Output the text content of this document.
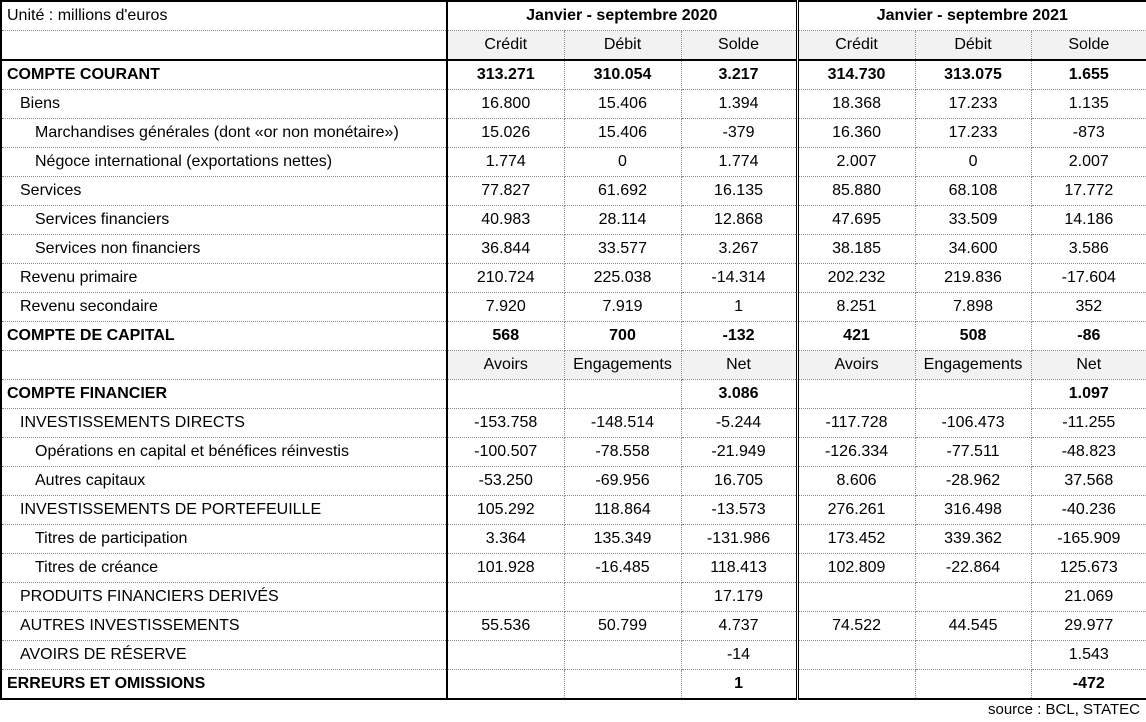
Unité : millions d'euros	Janvier - septembre 2020			Janvier - septembre 2021		
	Crédit	Débit	Solde	Crédit	Débit	Solde
COMPTE COURANT	313.271	310.054	3.217	314.730	313.075	1.655
Biens	16.800	15.406	1.394	18.368	17.233	1.135
Marchandises générales (dont «or non monétaire»)	15.026	15.406	-379	16.360	17.233	-873
Négoce international (exportations nettes)	1.774	0	1.774	2.007	0	2.007
Services	77.827	61.692	16.135	85.880	68.108	17.772
Services financiers	40.983	28.114	12.868	47.695	33.509	14.186
Services non financiers	36.844	33.577	3.267	38.185	34.600	3.586
Revenu primaire	210.724	225.038	-14.314	202.232	219.836	-17.604
Revenu secondaire	7.920	7.919	1	8.251	7.898	352
COMPTE DE CAPITAL	568	700	-132	421	508	-86
	Avoirs	Engagements	Net	Avoirs	Engagements	Net
COMPTE FINANCIER			3.086			1.097
INVESTISSEMENTS DIRECTS	-153.758	-148.514	-5.244	-117.728	-106.473	-11.255
Opérations en capital et bénéfices réinvestis	-100.507	-78.558	-21.949	-126.334	-77.511	-48.823
Autres capitaux	-53.250	-69.956	16.705	8.606	-28.962	37.568
INVESTISSEMENTS DE PORTEFEUILLE	105.292	118.864	-13.573	276.261	316.498	-40.236
Titres de participation	3.364	135.349	-131.986	173.452	339.362	-165.909
Titres de créance	101.928	-16.485	118.413	102.809	-22.864	125.673
PRODUITS FINANCIERS DERIVÉS			17.179			21.069
AUTRES INVESTISSEMENTS	55.536	50.799	4.737	74.522	44.545	29.977
AVOIRS DE RÉSERVE			-14			1.543
ERREURS ET OMISSIONS			1			-472
source : BCL, STATEC
